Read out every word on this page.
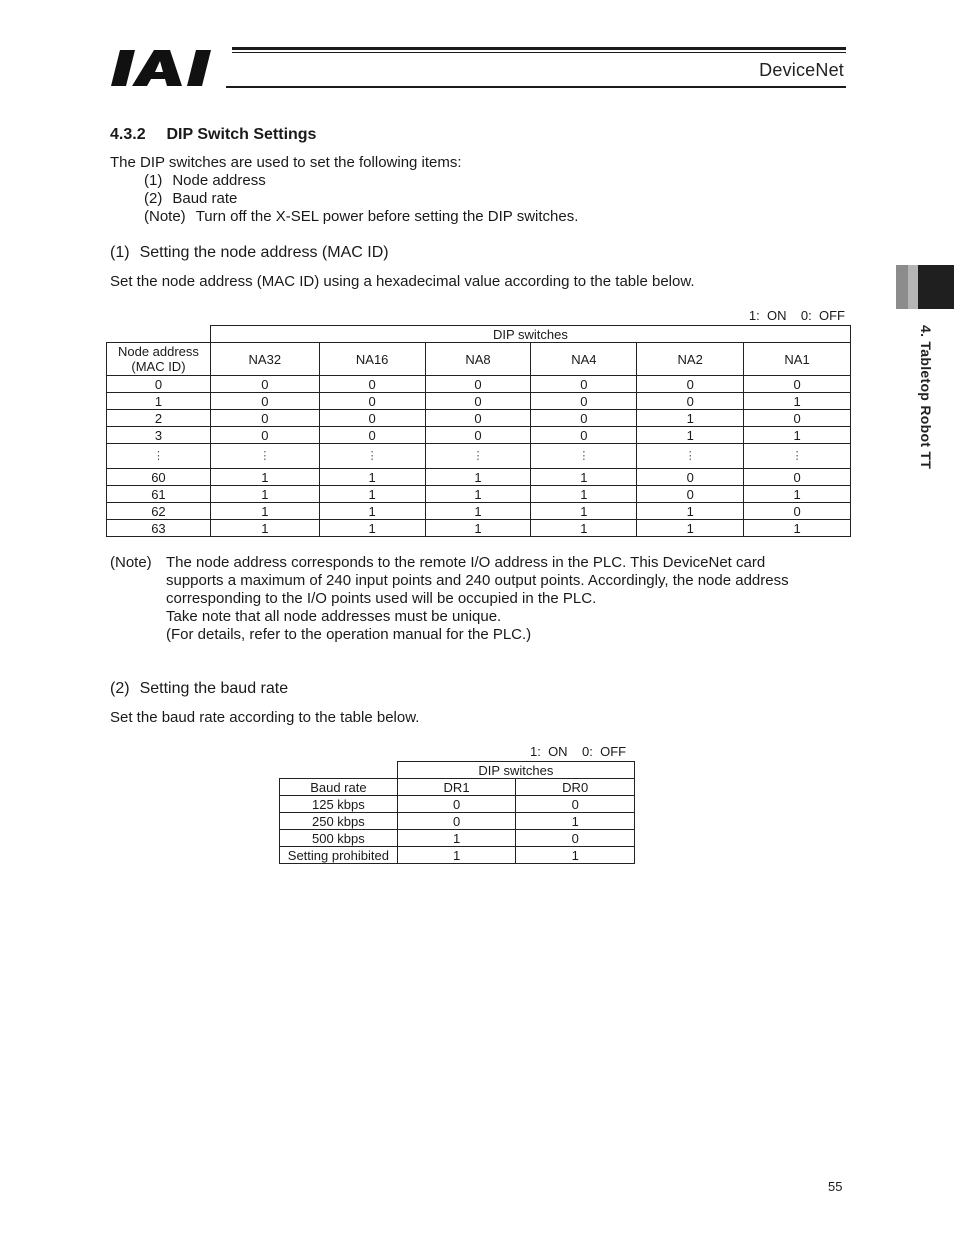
DeviceNet
4. Tabletop Robot TT
4.3.2 DIP Switch Settings
The DIP switches are used to set the following items:
(1) Node address
(2) Baud rate
(Note) Turn off the X-SEL power before setting the DIP switches.
(1) Setting the node address (MAC ID)
Set the node address (MAC ID) using a hexadecimal value according to the table below.
1:  ON    0:  OFF
	DIP switches					

Node address
(MAC ID)	NA32	NA16	NA8	NA4	NA2	NA1
0	0	0	0	0	0	0
1	0	0	0	0	0	1
2	0	0	0	0	1	0
3	0	0	0	0	1	1
⋮	⋮	⋮	⋮	⋮	⋮	⋮
60	1	1	1	1	0	0
61	1	1	1	1	0	1
62	1	1	1	1	1	0
63	1	1	1	1	1	1
(Note) The node address corresponds to the remote I/O address in the PLC. This DeviceNet card
supports a maximum of 240 input points and 240 output points. Accordingly, the node address
corresponding to the I/O points used will be occupied in the PLC.
Take note that all node addresses must be unique.
(For details, refer to the operation manual for the PLC.)
(2) Setting the baud rate
Set the baud rate according to the table below.
1:  ON    0:  OFF
	DIP switches	
Baud rate	DR1	DR0
125 kbps	0	0
250 kbps	0	1
500 kbps	1	0
Setting prohibited	1	1
55
